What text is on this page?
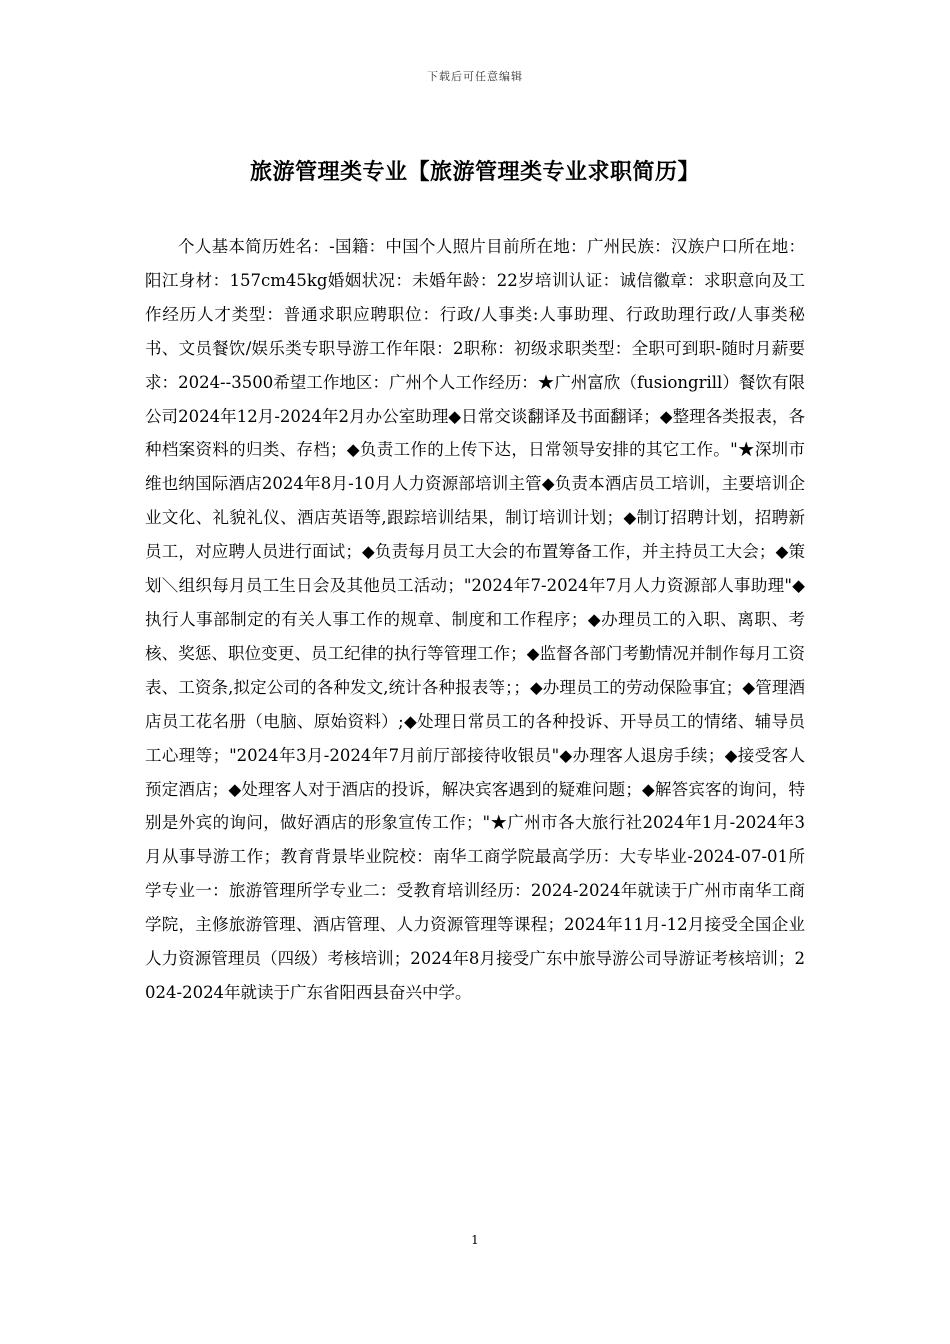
下载后可任意编辑
旅游管理类专业【旅游管理类专业求职简历】

个人基本简历姓名：-国籍：中国个人照片目前所在地：广州民族：汉族户口所在地：阳江身材：157cm45kg婚姻状况：未婚年龄：22岁培训认证：诚信徽章：求职意向及工作经历人才类型：普通求职应聘职位：行政/人事类:人事助理、行政助理行政/人事类秘书、文员餐饮/娱乐类专职导游工作年限：2职称：初级求职类型：全职可到职-随时月薪要求：2024--3500希望工作地区：广州个人工作经历：★广州富欣（fusiongrill）餐饮有限公司2024年12月-2024年2月办公室助理◆日常交谈翻译及书面翻译；◆整理各类报表，各种档案资料的归类、存档；◆负责工作的上传下达，日常领导安排的其它工作。"★深圳市维也纳国际酒店2024年8月-10月人力资源部培训主管◆负责本酒店员工培训，主要培训企业文化、礼貌礼仪、酒店英语等,跟踪培训结果，制订培训计划；◆制订招聘计划，招聘新员工，对应聘人员进行面试；◆负责每月员工大会的布置筹备工作，并主持员工大会；◆策划＼组织每月员工生日会及其他员工活动；"2024年7-2024年7月人力资源部人事助理"◆执行人事部制定的有关人事工作的规章、制度和工作程序；◆办理员工的入职、离职、考核、奖惩、职位变更、员工纪律的执行等管理工作；◆监督各部门考勤情况并制作每月工资表、工资条,拟定公司的各种发文,统计各种报表等；；◆办理员工的劳动保险事宜；◆管理酒店员工花名册（电脑、原始资料）;◆处理日常员工的各种投诉、开导员工的情绪、辅导员工心理等；"2024年3月-2024年7月前厅部接待收银员"◆办理客人退房手续；◆接受客人预定酒店；◆处理客人对于酒店的投诉，解决宾客遇到的疑难问题；◆解答宾客的询问，特别是外宾的询问，做好酒店的形象宣传工作；"★广州市各大旅行社2024年1月-2024年3月从事导游工作；教育背景毕业院校：南华工商学院最高学历：大专毕业-2024-07-01所学专业一：旅游管理所学专业二：受教育培训经历：2024-2024年就读于广州市南华工商学院，主修旅游管理、酒店管理、人力资源管理等课程；2024年11月-12月接受全国企业人力资源管理员（四级）考核培训；2024年8月接受广东中旅导游公司导游证考核培训；2024-2024年就读于广东省阳西县奋兴中学。

1
